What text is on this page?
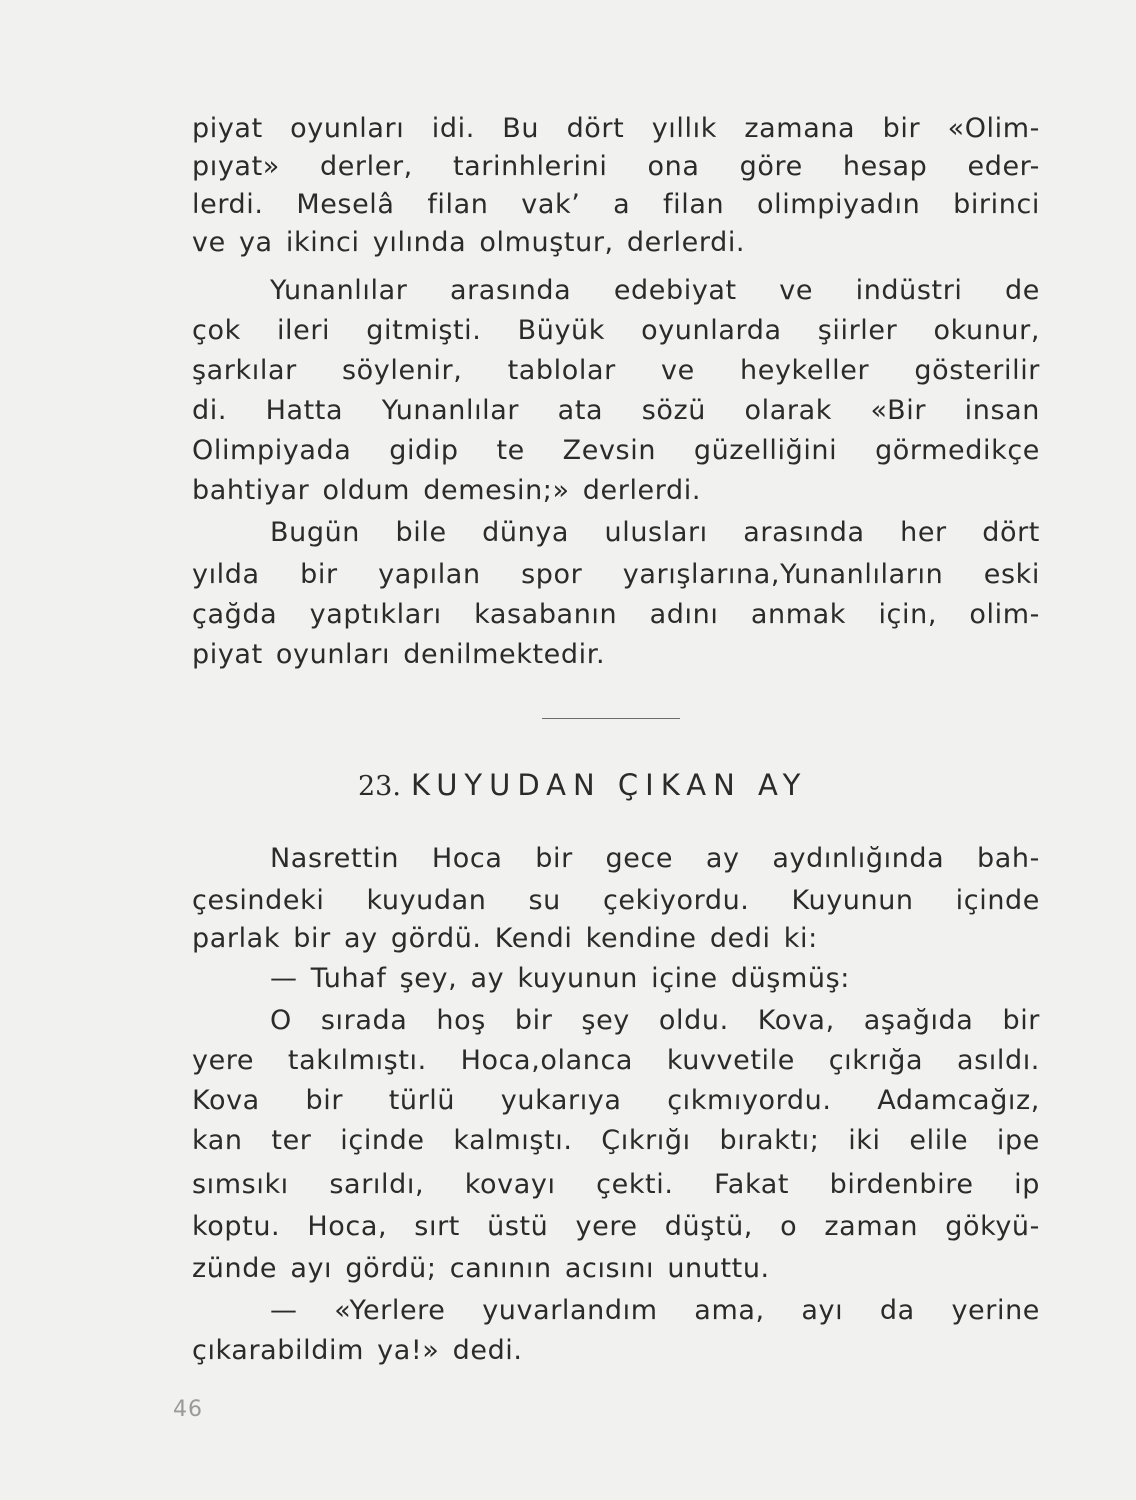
piyat oyunları idi. Bu dört yıllık zamana bir «Olim-

pıyat» derler, tarinhlerini ona göre hesap eder-

lerdi. Meselâ filan vak’ a filan olimpiyadın birinci

ve ya ikinci yılında olmuştur, derlerdi.

Yunanlılar arasında edebiyat ve indüstri de

çok ileri gitmişti. Büyük oyunlarda şiirler okunur,

şarkılar söylenir, tablolar ve heykeller gösterilir

di. Hatta Yunanlılar ata sözü olarak «Bir insan

Olimpiyada gidip te Zevsin güzelliğini görmedikçe

bahtiyar oldum demesin;» derlerdi.

Bugün bile dünya ulusları arasında her dört

yılda bir yapılan spor yarışlarına,Yunanlıların eski

çağda yaptıkları kasabanın adını anmak için, olim-

piyat oyunları denilmektedir.

23. KUYUDAN ÇIKAN AY

Nasrettin Hoca bir gece ay aydınlığında bah-

çesindeki kuyudan su çekiyordu. Kuyunun içinde

parlak bir ay gördü. Kendi kendine dedi ki:

— Tuhaf şey, ay kuyunun içine düşmüş:

O sırada hoş bir şey oldu. Kova, aşağıda bir

yere takılmıştı. Hoca,olanca kuvvetile çıkrığa asıldı.

Kova bir türlü yukarıya çıkmıyordu. Adamcağız,

kan ter içinde kalmıştı. Çıkrığı bıraktı; iki elile ipe

sımsıkı sarıldı, kovayı çekti. Fakat birdenbire ip

koptu. Hoca, sırt üstü yere düştü, o zaman gökyü-

zünde ayı gördü; canının acısını unuttu.

— «Yerlere yuvarlandım ama, ayı da yerine

çıkarabildim ya!» dedi.

46
